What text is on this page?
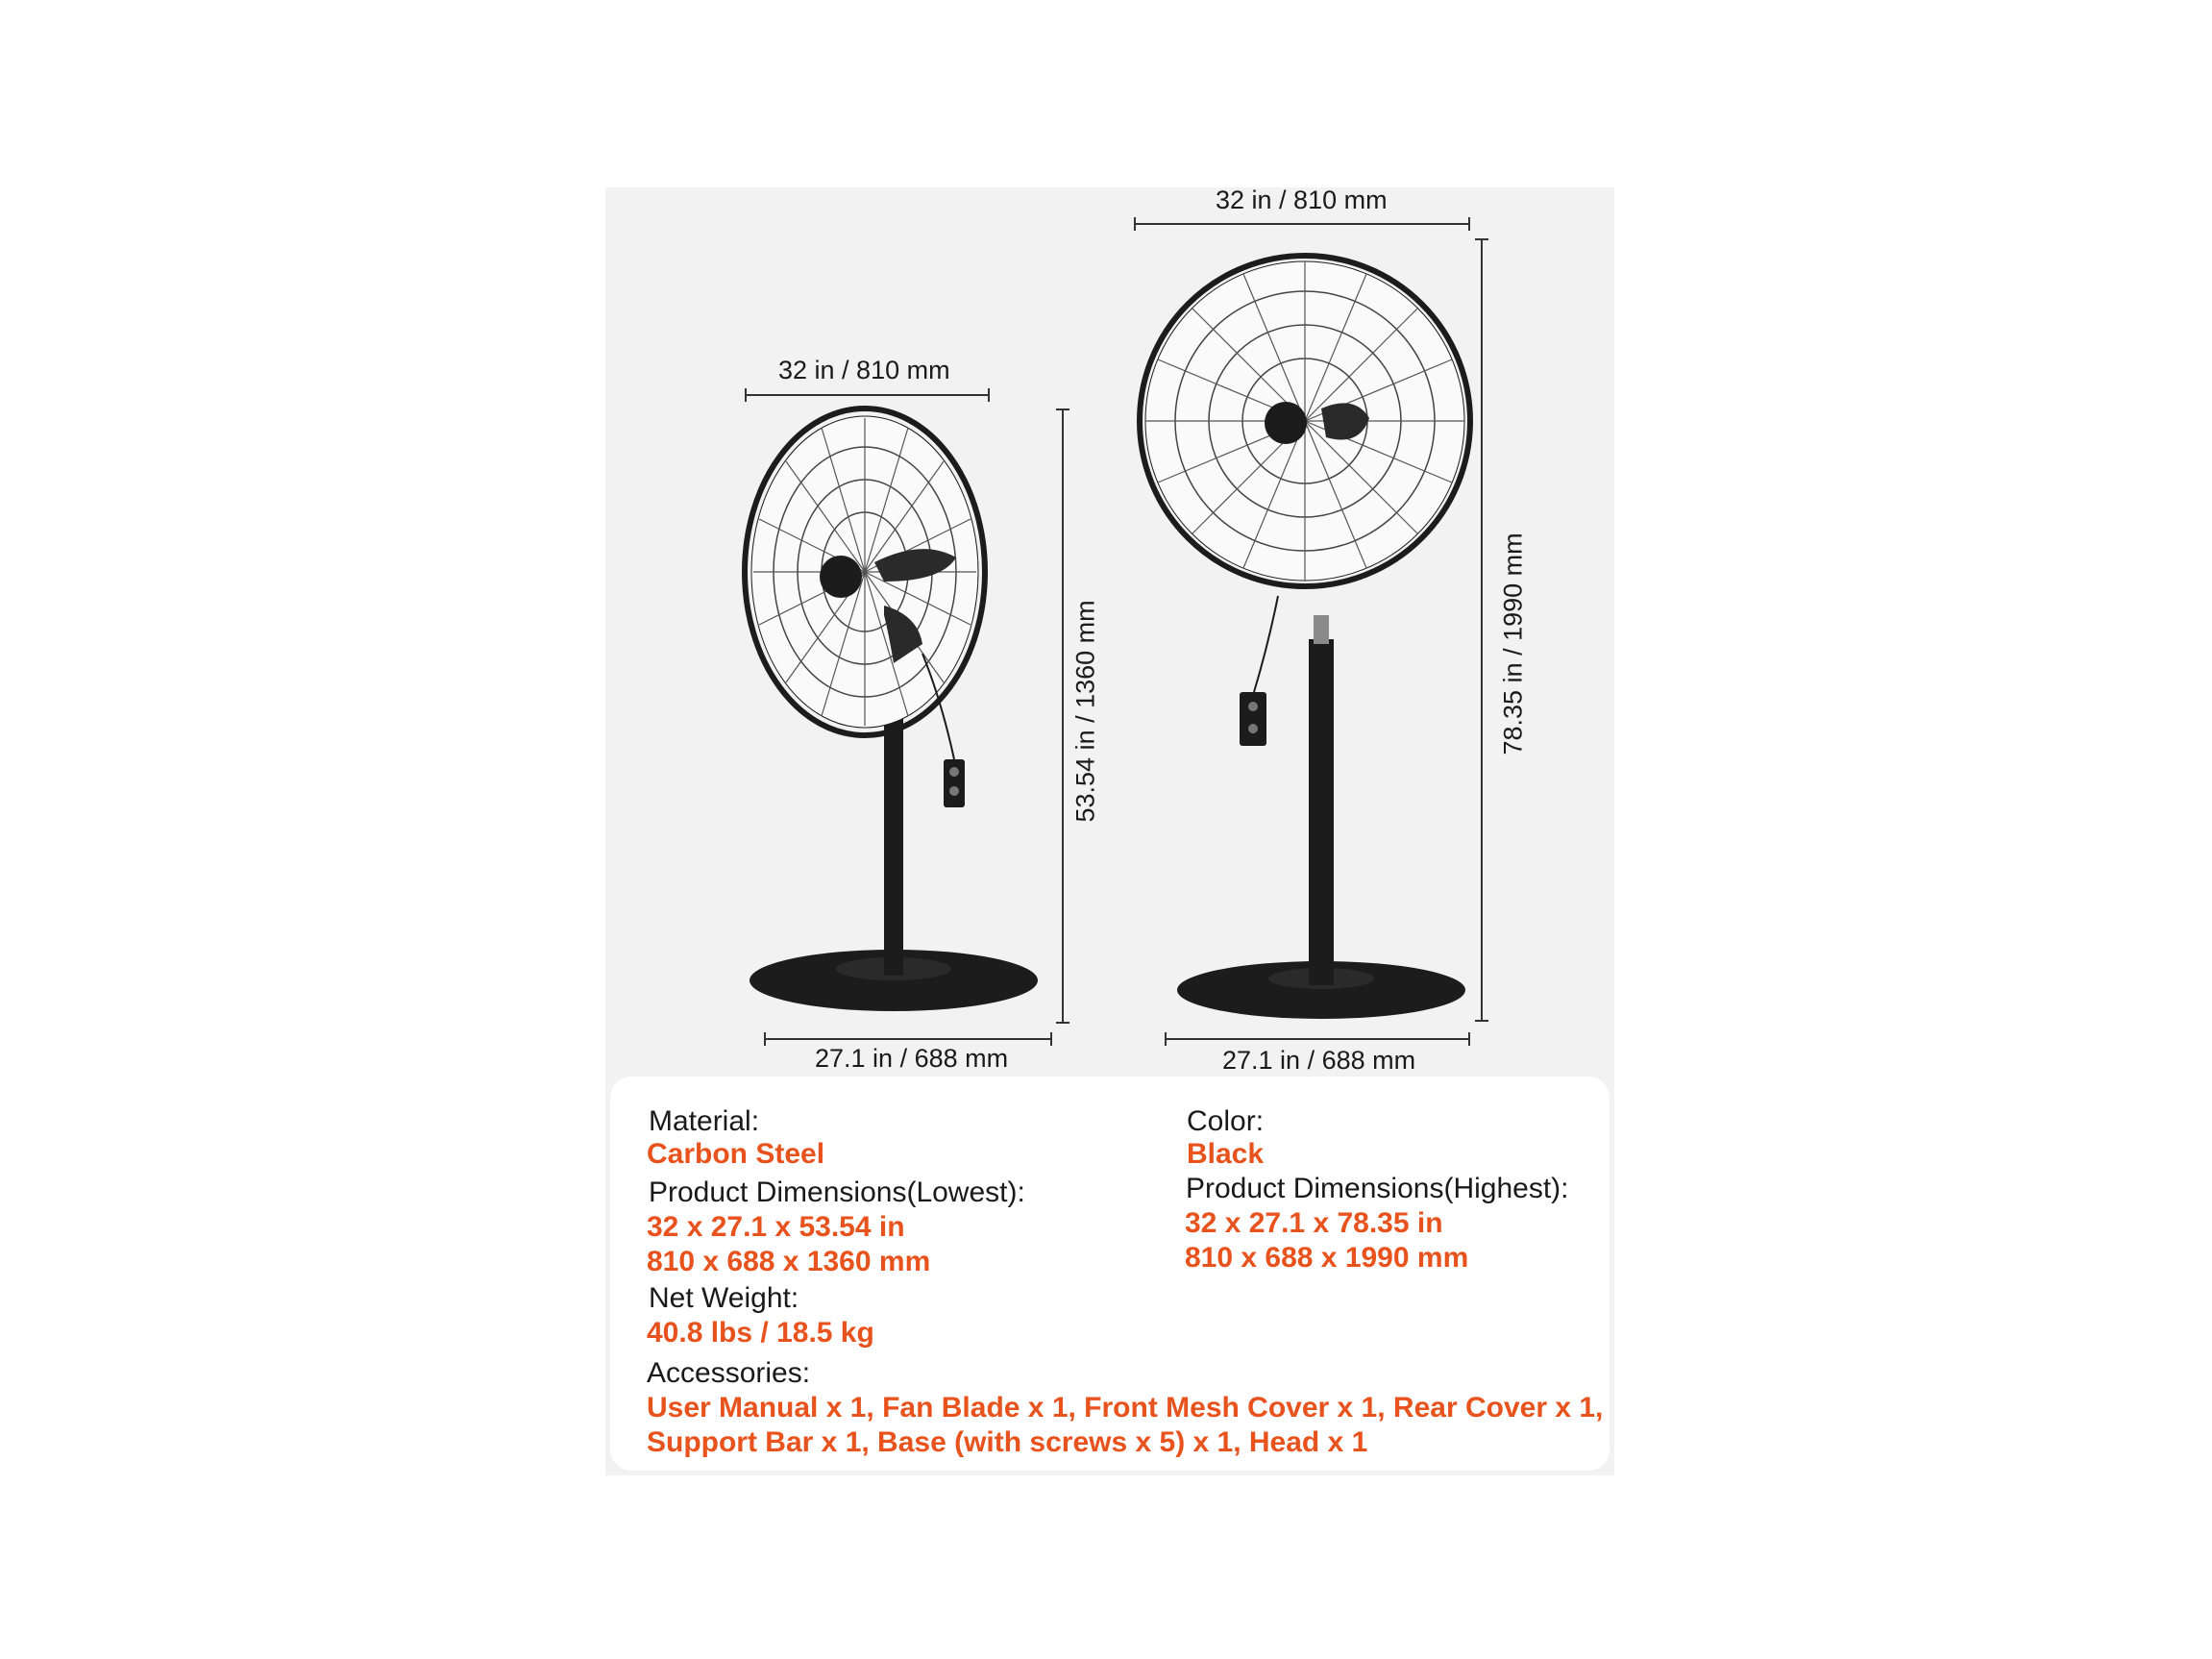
32 in / 810 mm
53.54 in / 1360 mm
27.1 in / 688 mm
32 in / 810 mm
78.35 in / 1990 mm
27.1 in / 688 mm
Material:
Carbon Steel
Product Dimensions(Lowest):
32 x 27.1 x 53.54 in
810 x 688 x 1360 mm
Net Weight:
40.8 lbs / 18.5 kg
Accessories:
User Manual x 1, Fan Blade x 1, Front Mesh Cover x 1, Rear Cover x 1,
Support Bar x 1, Base (with screws x 5) x 1, Head x 1
Color:
Black
Product Dimensions(Highest):
32 x 27.1 x 78.35 in
810 x 688 x 1990 mm
